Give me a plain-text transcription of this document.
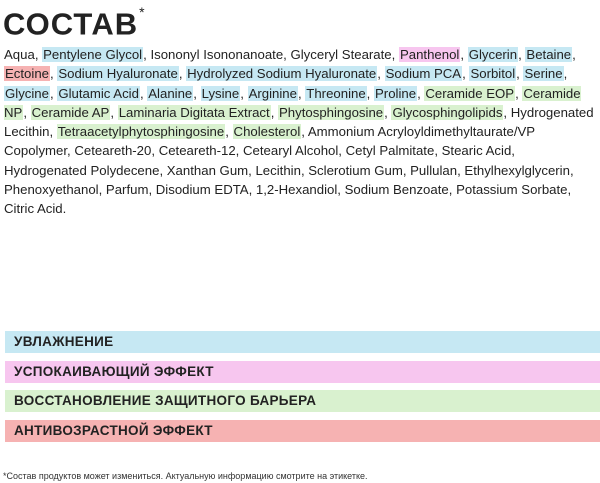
СОСТАВ*
Aqua, Pentylene Glycol, Isononyl Isononanoate, Glyceryl Stearate, Panthenol, Glycerin, Betaine, Ectoine, Sodium Hyaluronate, Hydrolyzed Sodium Hyaluronate, Sodium PCA, Sorbitol, Serine, Glycine, Glutamic Acid, Alanine, Lysine, Arginine, Threonine, Proline, Ceramide EOP, Ceramide NP, Ceramide AP, Laminaria Digitata Extract, Phytosphingosine, Glycosphingolipids, Hydrogenated Lecithin, Tetraacetylphytosphingosine, Cholesterol, Ammonium Acryloyldimethyltaurate/VP Copolymer, Ceteareth-20, Ceteareth-12, Cetearyl Alcohol, Cetyl Palmitate, Stearic Acid, Hydrogenated Polydecene, Xanthan Gum, Lecithin, Sclerotium Gum, Pullulan, Ethylhexylglycerin, Phenoxyethanol, Parfum, Disodium EDTA, 1,2-Hexandiol, Sodium Benzoate, Potassium Sorbate, Citric Acid.
УВЛАЖНЕНИЕ
УСПОКАИВАЮЩИЙ ЭФФЕКТ
ВОССТАНОВЛЕНИЕ ЗАЩИТНОГО БАРЬЕРА
АНТИВОЗРАСТНОЙ ЭФФЕКТ
*Состав продуктов может измениться. Актуальную информацию смотрите на этикетке.
